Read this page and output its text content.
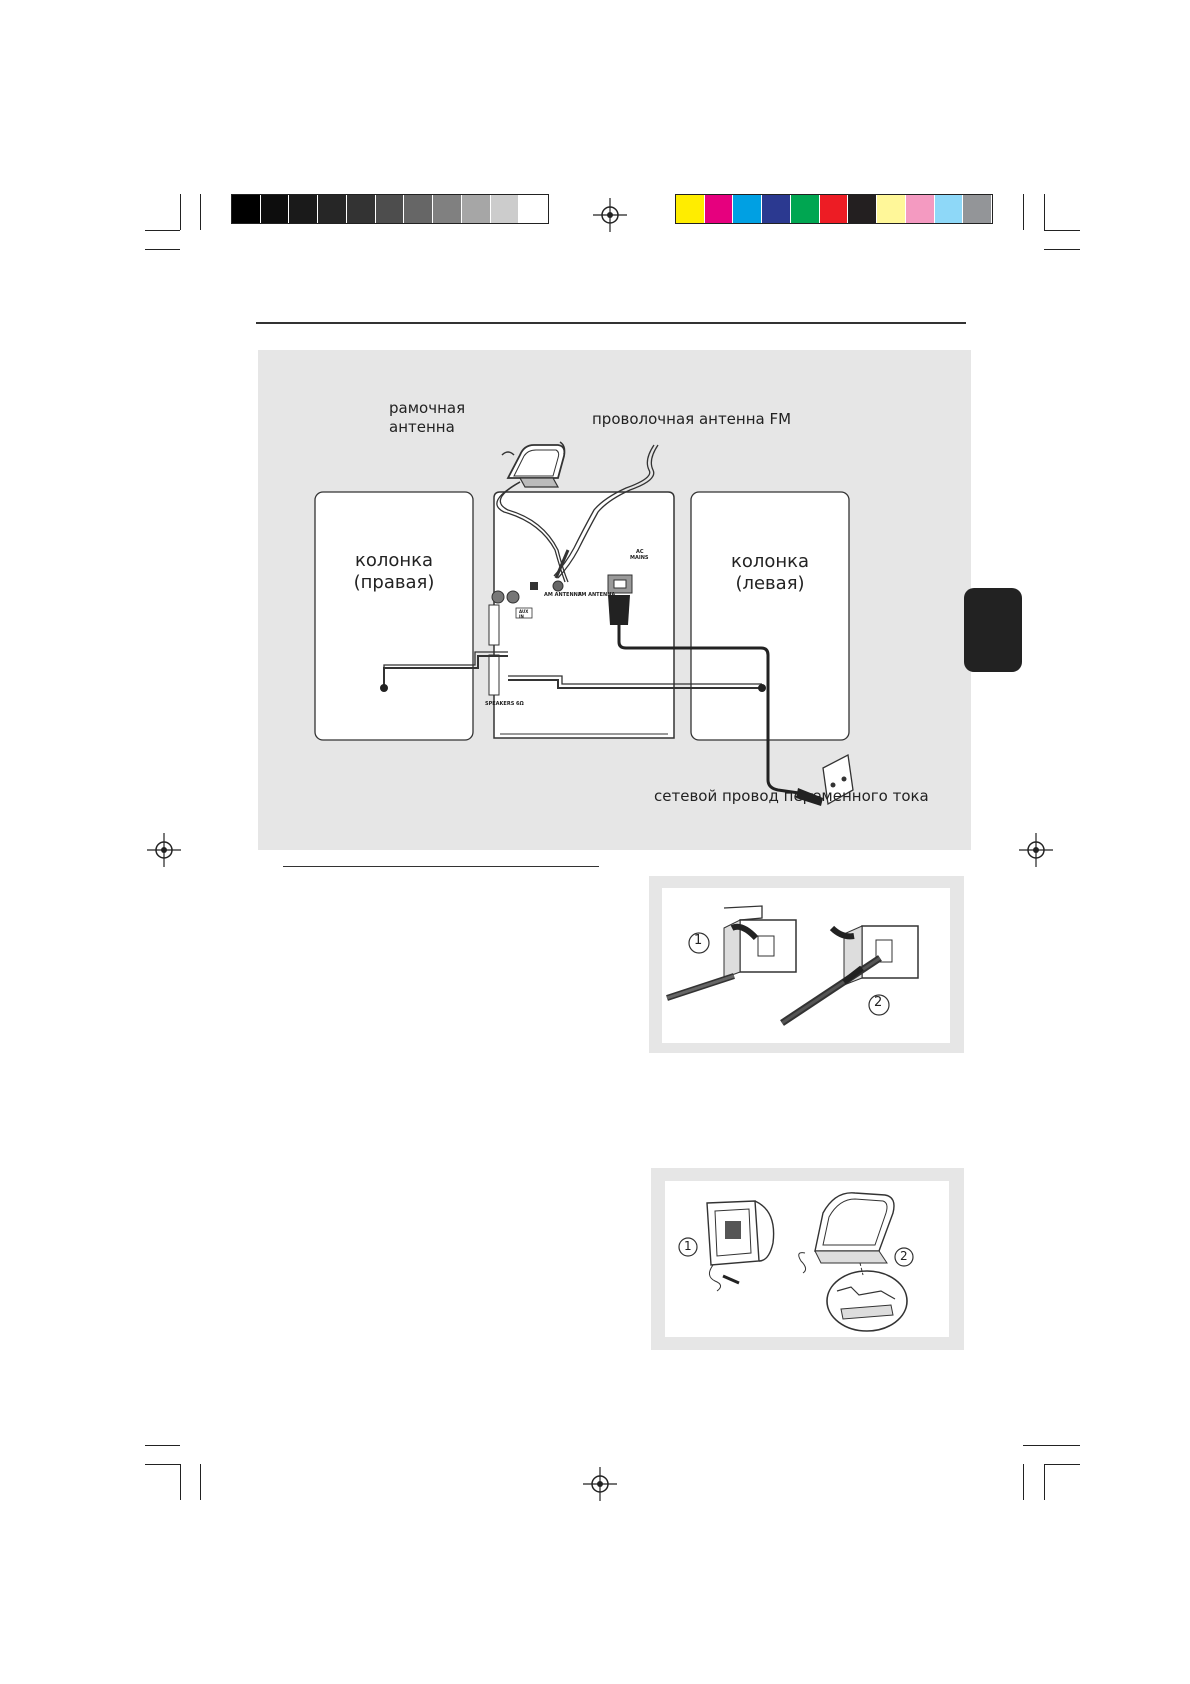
рамочная
антенна	проволочная антенна FM
колонка
(правая)
колонка
(левая)
AM ANTENNA
FM ANTENNA
AC
MAINS
AUX
IN
SPEAKERS 6Ω
сетевой провод переменного тока
1
2
1
2
